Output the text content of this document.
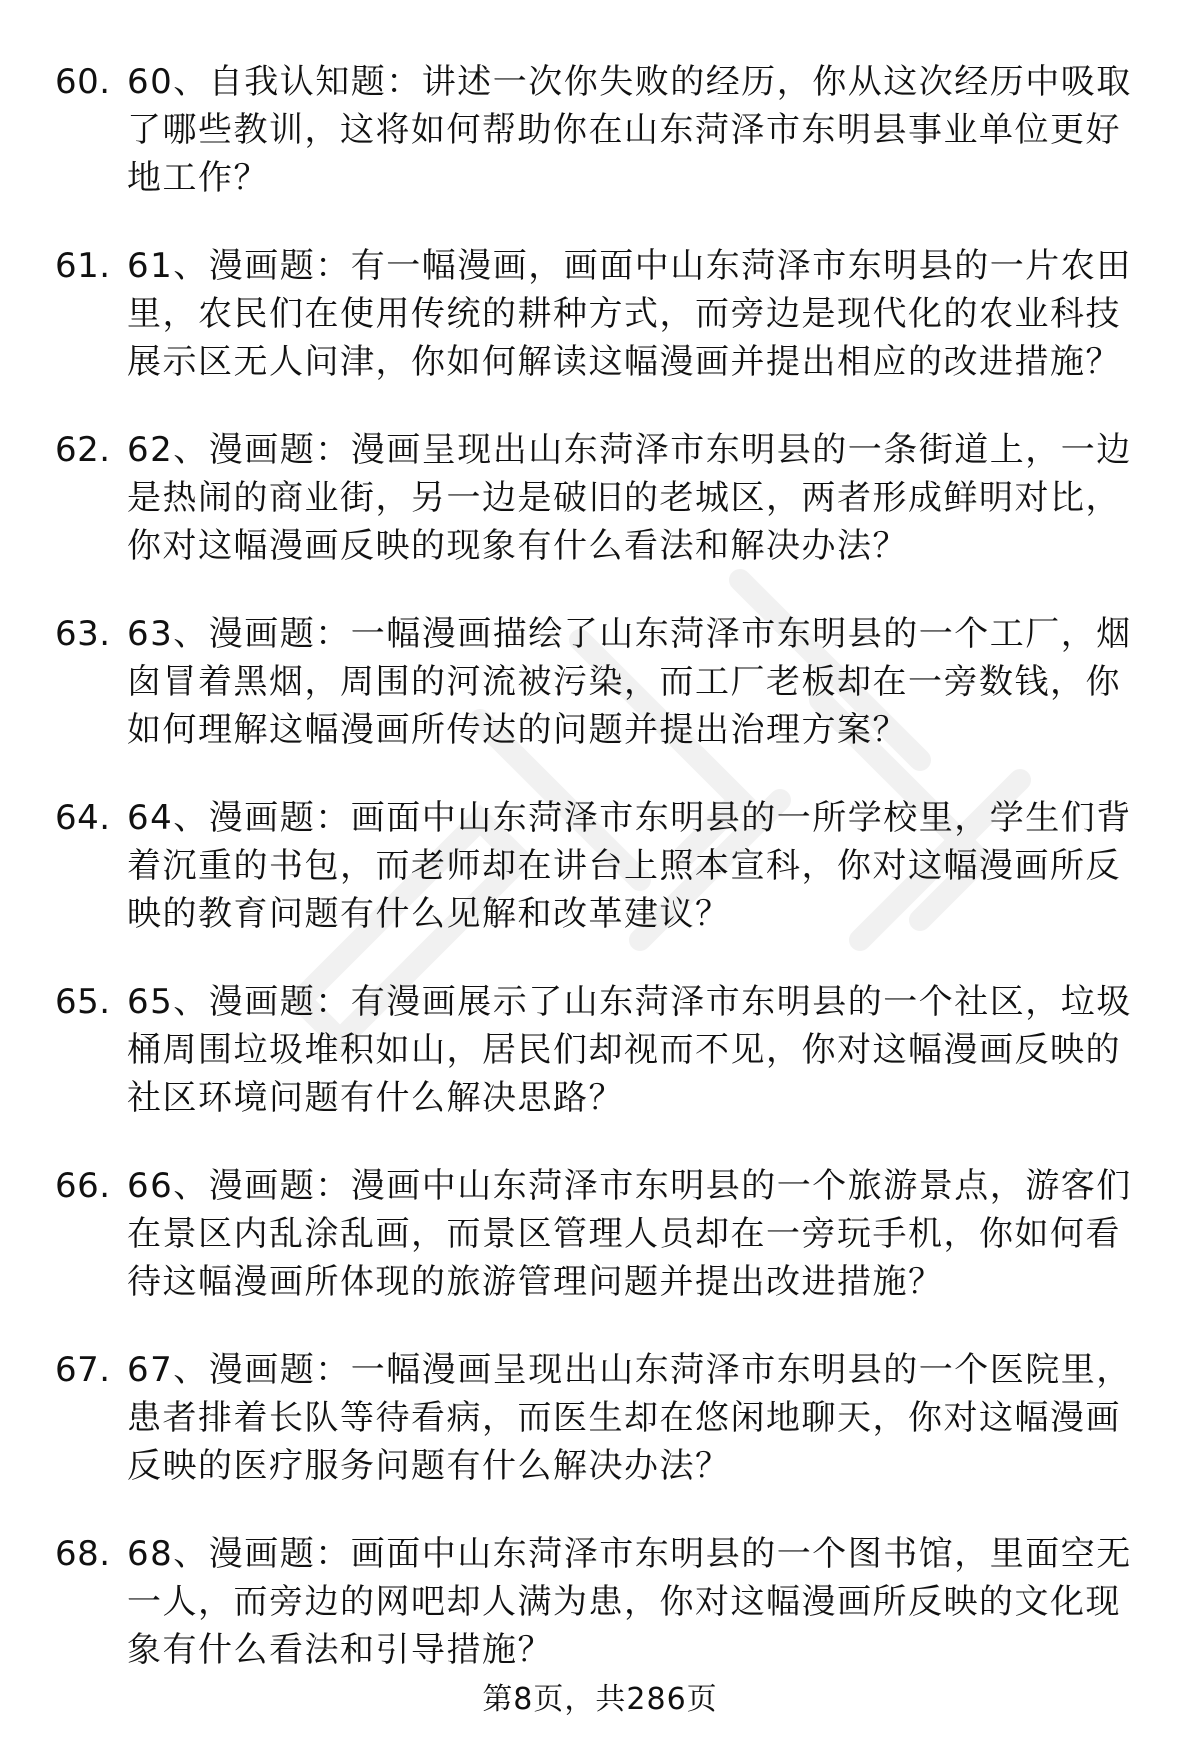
60. 60、自我认知题：讲述一次你失败的经历，你从这次经历中吸取了哪些教训，这将如何帮助你在山东菏泽市东明县事业单位更好地工作？
61. 61、漫画题：有一幅漫画，画面中山东菏泽市东明县的一片农田里，农民们在使用传统的耕种方式，而旁边是现代化的农业科技展示区无人问津，你如何解读这幅漫画并提出相应的改进措施？
62. 62、漫画题：漫画呈现出山东菏泽市东明县的一条街道上，一边是热闹的商业街，另一边是破旧的老城区，两者形成鲜明对比，你对这幅漫画反映的现象有什么看法和解决办法？
63. 63、漫画题：一幅漫画描绘了山东菏泽市东明县的一个工厂，烟囱冒着黑烟，周围的河流被污染，而工厂老板却在一旁数钱，你如何理解这幅漫画所传达的问题并提出治理方案？
64. 64、漫画题：画面中山东菏泽市东明县的一所学校里，学生们背着沉重的书包，而老师却在讲台上照本宣科，你对这幅漫画所反映的教育问题有什么见解和改革建议？
65. 65、漫画题：有漫画展示了山东菏泽市东明县的一个社区，垃圾桶周围垃圾堆积如山，居民们却视而不见，你对这幅漫画反映的社区环境问题有什么解决思路？
66. 66、漫画题：漫画中山东菏泽市东明县的一个旅游景点，游客们在景区内乱涂乱画，而景区管理人员却在一旁玩手机，你如何看待这幅漫画所体现的旅游管理问题并提出改进措施？
67. 67、漫画题：一幅漫画呈现出山东菏泽市东明县的一个医院里，患者排着长队等待看病，而医生却在悠闲地聊天，你对这幅漫画反映的医疗服务问题有什么解决办法？
68. 68、漫画题：画面中山东菏泽市东明县的一个图书馆，里面空无一人，而旁边的网吧却人满为患，你对这幅漫画所反映的文化现象有什么看法和引导措施？
第8页，共286页
